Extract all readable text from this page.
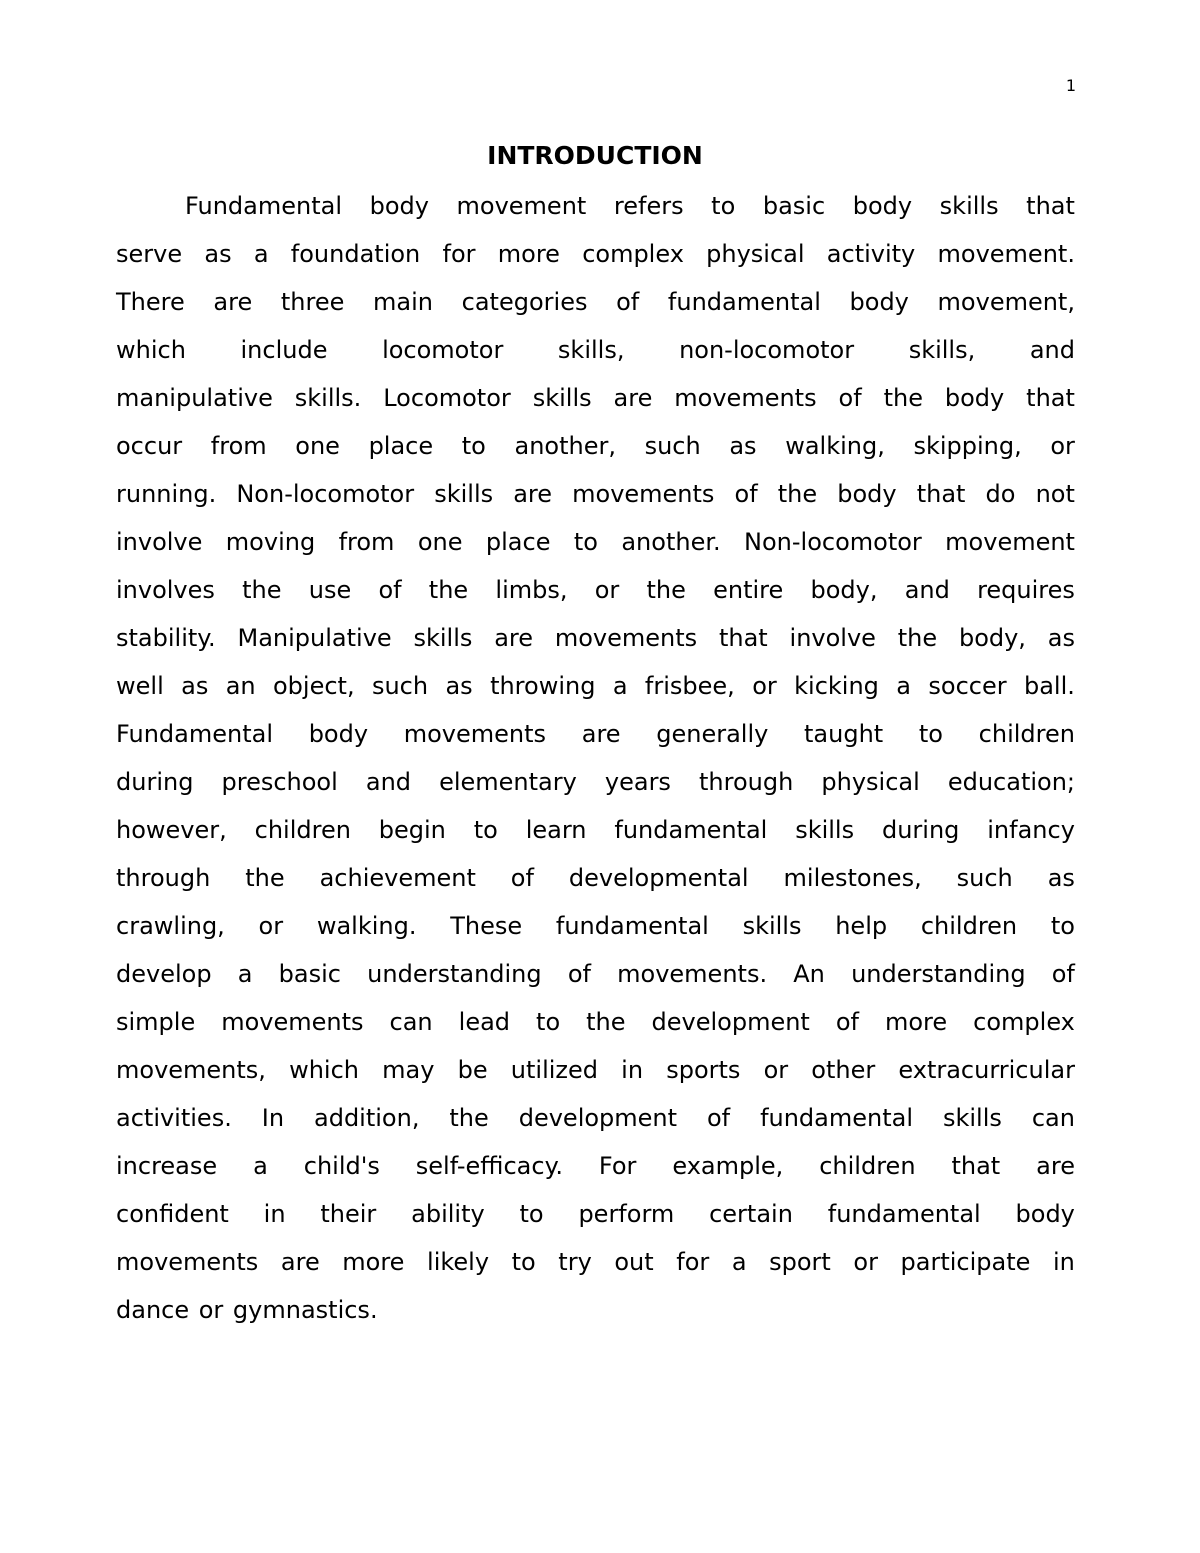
1
INTRODUCTION
Fundamental body movement refers to basic body skills that
serve as a foundation for more complex physical activity movement.
There are three main categories of fundamental body movement,
which include locomotor skills, non-locomotor skills, and
manipulative skills. Locomotor skills are movements of the body that
occur from one place to another, such as walking, skipping, or
running. Non-locomotor skills are movements of the body that do not
involve moving from one place to another. Non-locomotor movement
involves the use of the limbs, or the entire body, and requires
stability. Manipulative skills are movements that involve the body, as
well as an object, such as throwing a frisbee, or kicking a soccer ball.
Fundamental body movements are generally taught to children
during preschool and elementary years through physical education;
however, children begin to learn fundamental skills during infancy
through the achievement of developmental milestones, such as
crawling, or walking. These fundamental skills help children to
develop a basic understanding of movements. An understanding of
simple movements can lead to the development of more complex
movements, which may be utilized in sports or other extracurricular
activities. In addition, the development of fundamental skills can
increase a child's self-efficacy. For example, children that are
confident in their ability to perform certain fundamental body
movements are more likely to try out for a sport or participate in
dance or gymnastics.
